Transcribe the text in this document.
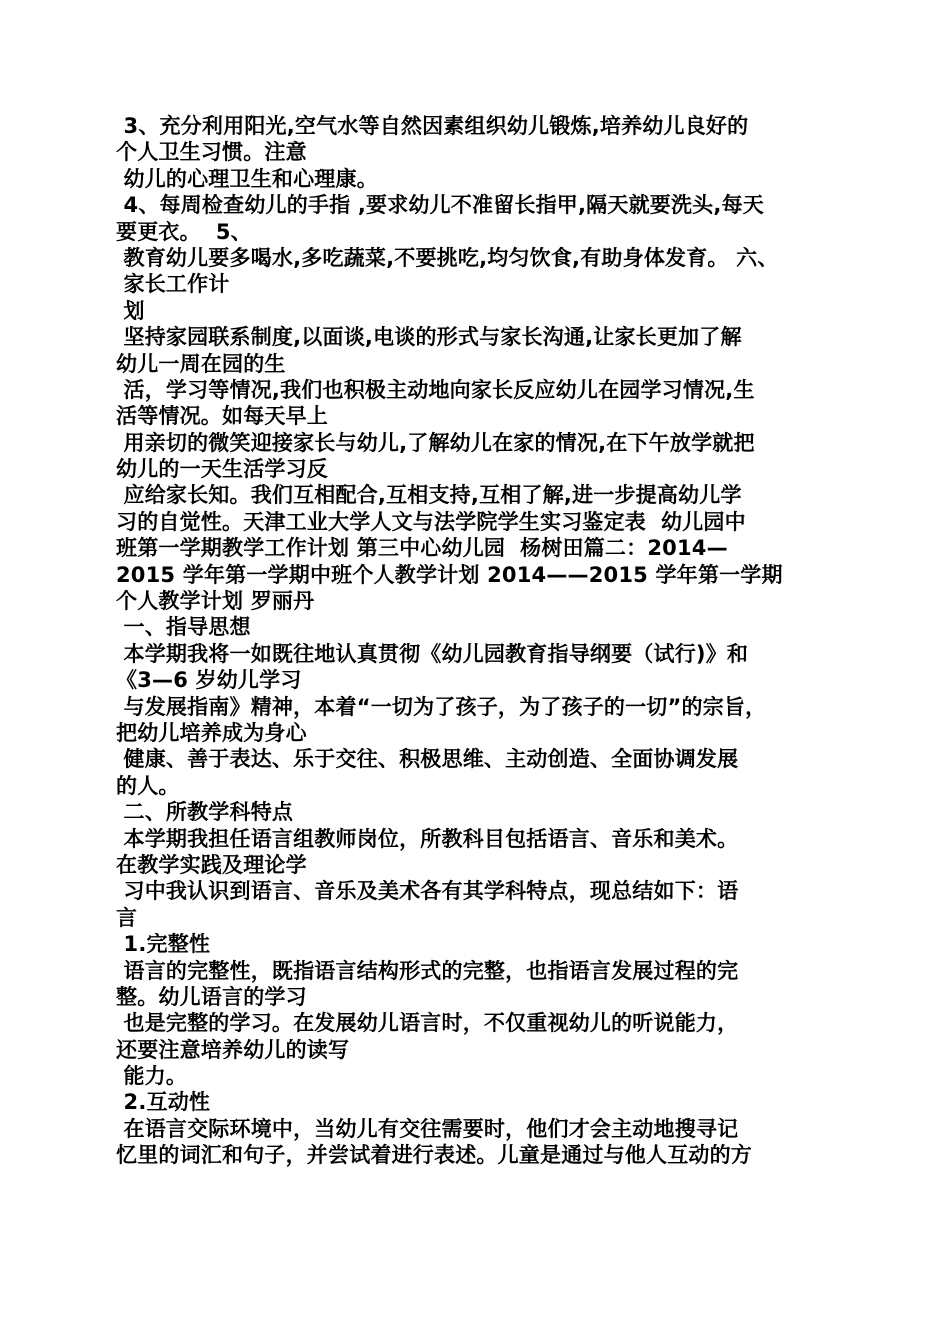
3、充分利用阳光,空气水等自然因素组织幼儿锻炼,培养幼儿良好的
个人卫生习惯。注意
幼儿的心理卫生和心理康。
4、每周检查幼儿的手指 ,要求幼儿不准留长指甲,隔天就要洗头,每天
要更衣。  5、
教育幼儿要多喝水,多吃蔬菜,不要挑吃,均匀饮食,有助身体发育。 六、
家长工作计
划
坚持家园联系制度,以面谈,电谈的形式与家长沟通,让家长更加了解
幼儿一周在园的生
活，学习等情况,我们也积极主动地向家长反应幼儿在园学习情况,生
活等情况。如每天早上
用亲切的微笑迎接家长与幼儿,了解幼儿在家的情况,在下午放学就把
幼儿的一天生活学习反
应给家长知。我们互相配合,互相支持,互相了解,进一步提高幼儿学
习的自觉性。天津工业大学人文与法学院学生实习鉴定表  幼儿园中
班第一学期教学工作计划 第三中心幼儿园  杨树田篇二：2014—
2015 学年第一学期中班个人教学计划 2014——2015 学年第一学期
个人教学计划 罗丽丹
一、指导思想
本学期我将一如既往地认真贯彻《幼儿园教育指导纲要（试行)》和
《3—6 岁幼儿学习
与发展指南》精神，本着“一切为了孩子，为了孩子的一切”的宗旨，
把幼儿培养成为身心
健康、善于表达、乐于交往、积极思维、主动创造、全面协调发展
的人。
二、所教学科特点
本学期我担任语言组教师岗位，所教科目包括语言、音乐和美术。
在教学实践及理论学
习中我认识到语言、音乐及美术各有其学科特点，现总结如下：语
言
1.完整性
语言的完整性，既指语言结构形式的完整，也指语言发展过程的完
整。幼儿语言的学习
也是完整的学习。在发展幼儿语言时，不仅重视幼儿的听说能力，
还要注意培养幼儿的读写
能力。
2.互动性
在语言交际环境中，当幼儿有交往需要时，他们才会主动地搜寻记
忆里的词汇和句子，并尝试着进行表述。儿童是通过与他人互动的方
